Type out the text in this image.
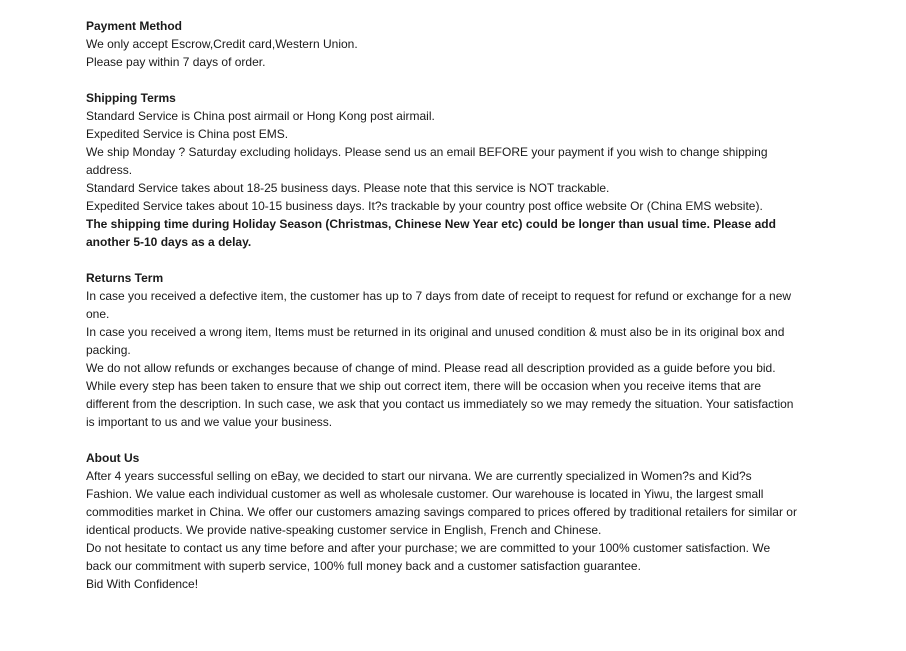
Payment Method
We only accept Escrow,Credit card,Western Union.
Please pay within 7 days of order.
Shipping Terms
Standard Service is China post airmail or Hong Kong post airmail.
Expedited Service is China post EMS.
We ship Monday ? Saturday excluding holidays. Please send us an email BEFORE your payment if you wish to change shipping address.
Standard Service takes about 18-25 business days. Please note that this service is NOT trackable.
Expedited Service takes about 10-15 business days. It?s trackable by your country post office website Or (China EMS website).
The shipping time during Holiday Season (Christmas, Chinese New Year etc) could be longer than usual time. Please add another 5-10 days as a delay.
Returns Term
In case you received a defective item, the customer has up to 7 days from date of receipt to request for refund or exchange for a new one.
In case you received a wrong item, Items must be returned in its original and unused condition & must also be in its original box and packing.
We do not allow refunds or exchanges because of change of mind. Please read all description provided as a guide before you bid.
While every step has been taken to ensure that we ship out correct item, there will be occasion when you receive items that are different from the description. In such case, we ask that you contact us immediately so we may remedy the situation. Your satisfaction is important to us and we value your business.
About Us
After 4 years successful selling on eBay, we decided to start our nirvana. We are currently specialized in Women?s and Kid?s Fashion. We value each individual customer as well as wholesale customer. Our warehouse is located in Yiwu, the largest small commodities market in China. We offer our customers amazing savings compared to prices offered by traditional retailers for similar or identical products. We provide native-speaking customer service in English, French and Chinese.
Do not hesitate to contact us any time before and after your purchase; we are committed to your 100% customer satisfaction. We back our commitment with superb service, 100% full money back and a customer satisfaction guarantee.
Bid With Confidence!
